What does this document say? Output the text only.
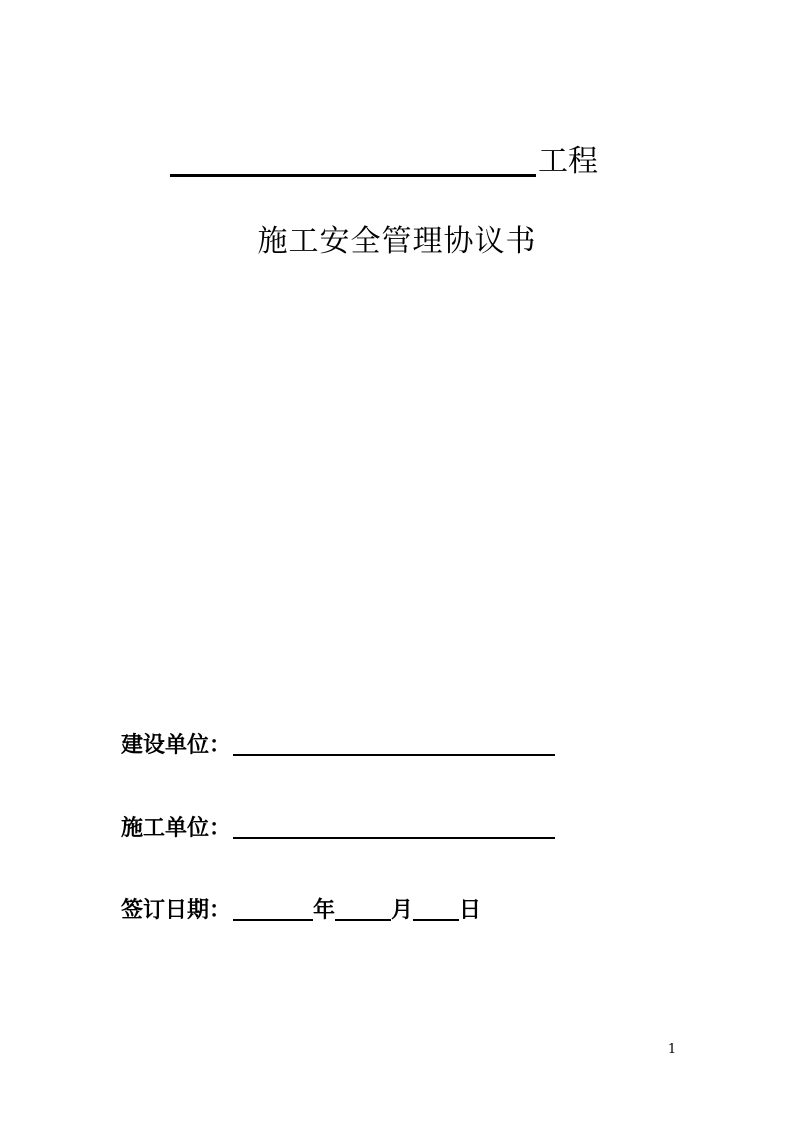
工程
施工安全管理协议书
建设单位：
施工单位：
签订日期：	年	月 日
1
